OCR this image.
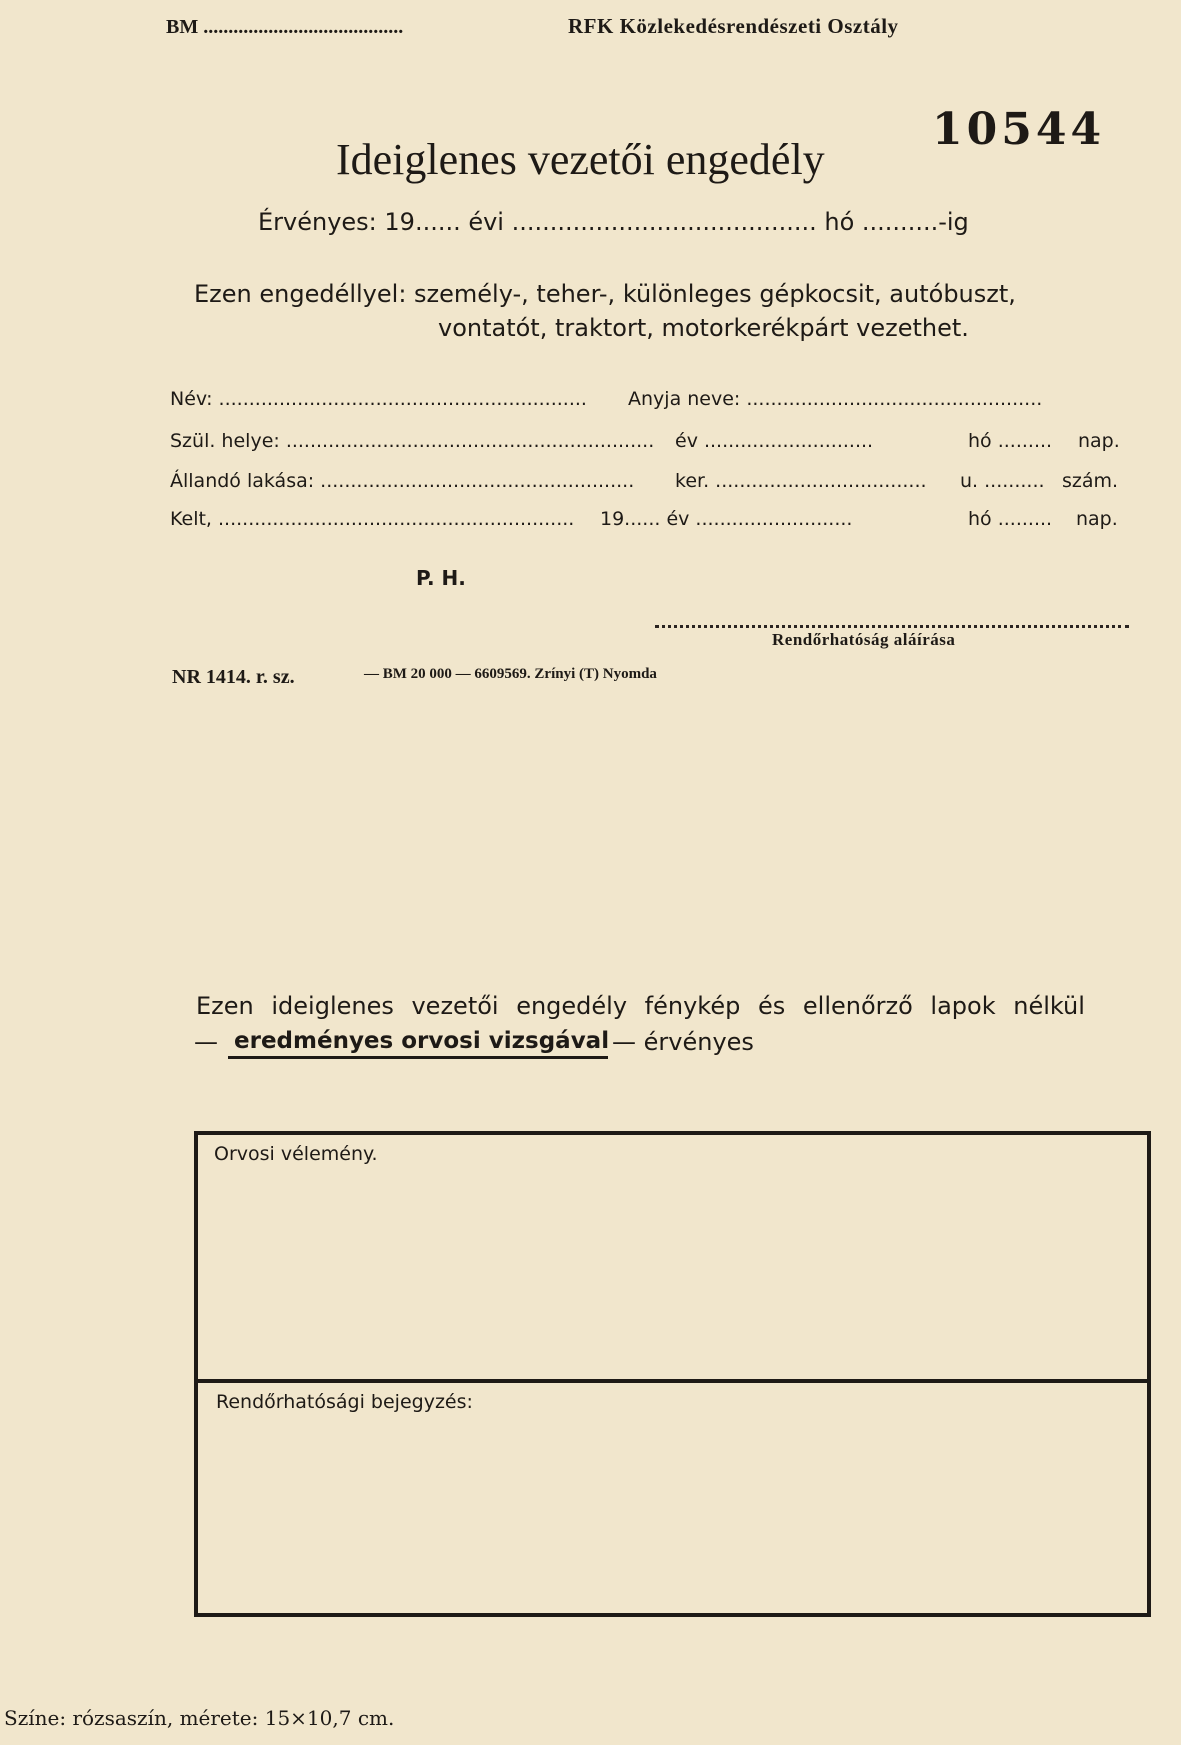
BM ........................................	RFK Közlekedésrendészeti Osztály
10544
Ideiglenes vezetői engedély
Érvényes: 19...... évi ........................................ hó ..........-ig
Ezen engedéllyel: személy-, teher-, különleges gépkocsit, autóbuszt,
vontatót, traktort, motorkerékpárt vezethet.
Név: ............................................................. Anyja neve: .................................................
Szül. helye: ............................................................. év ............................	hó ......... nap.
Állandó lakása: .................................................... ker. ................................... u. .......... szám.
Kelt, ........................................................... 19...... év ..........................	hó ......... nap.
P. H.
Rendőrhatóság aláírása
NR 1414. r. sz.	— BM 20 000 — 6609569. Zrínyi (T) Nyomda
Ezen ideiglenes vezetői engedély fénykép és ellenőrző lapok nélkül
— eredményes orvosi vizsgával — érvényes
Orvosi vélemény.
Rendőrhatósági bejegyzés:
Színe: rózsaszín, mérete: 15×10,7 cm.
